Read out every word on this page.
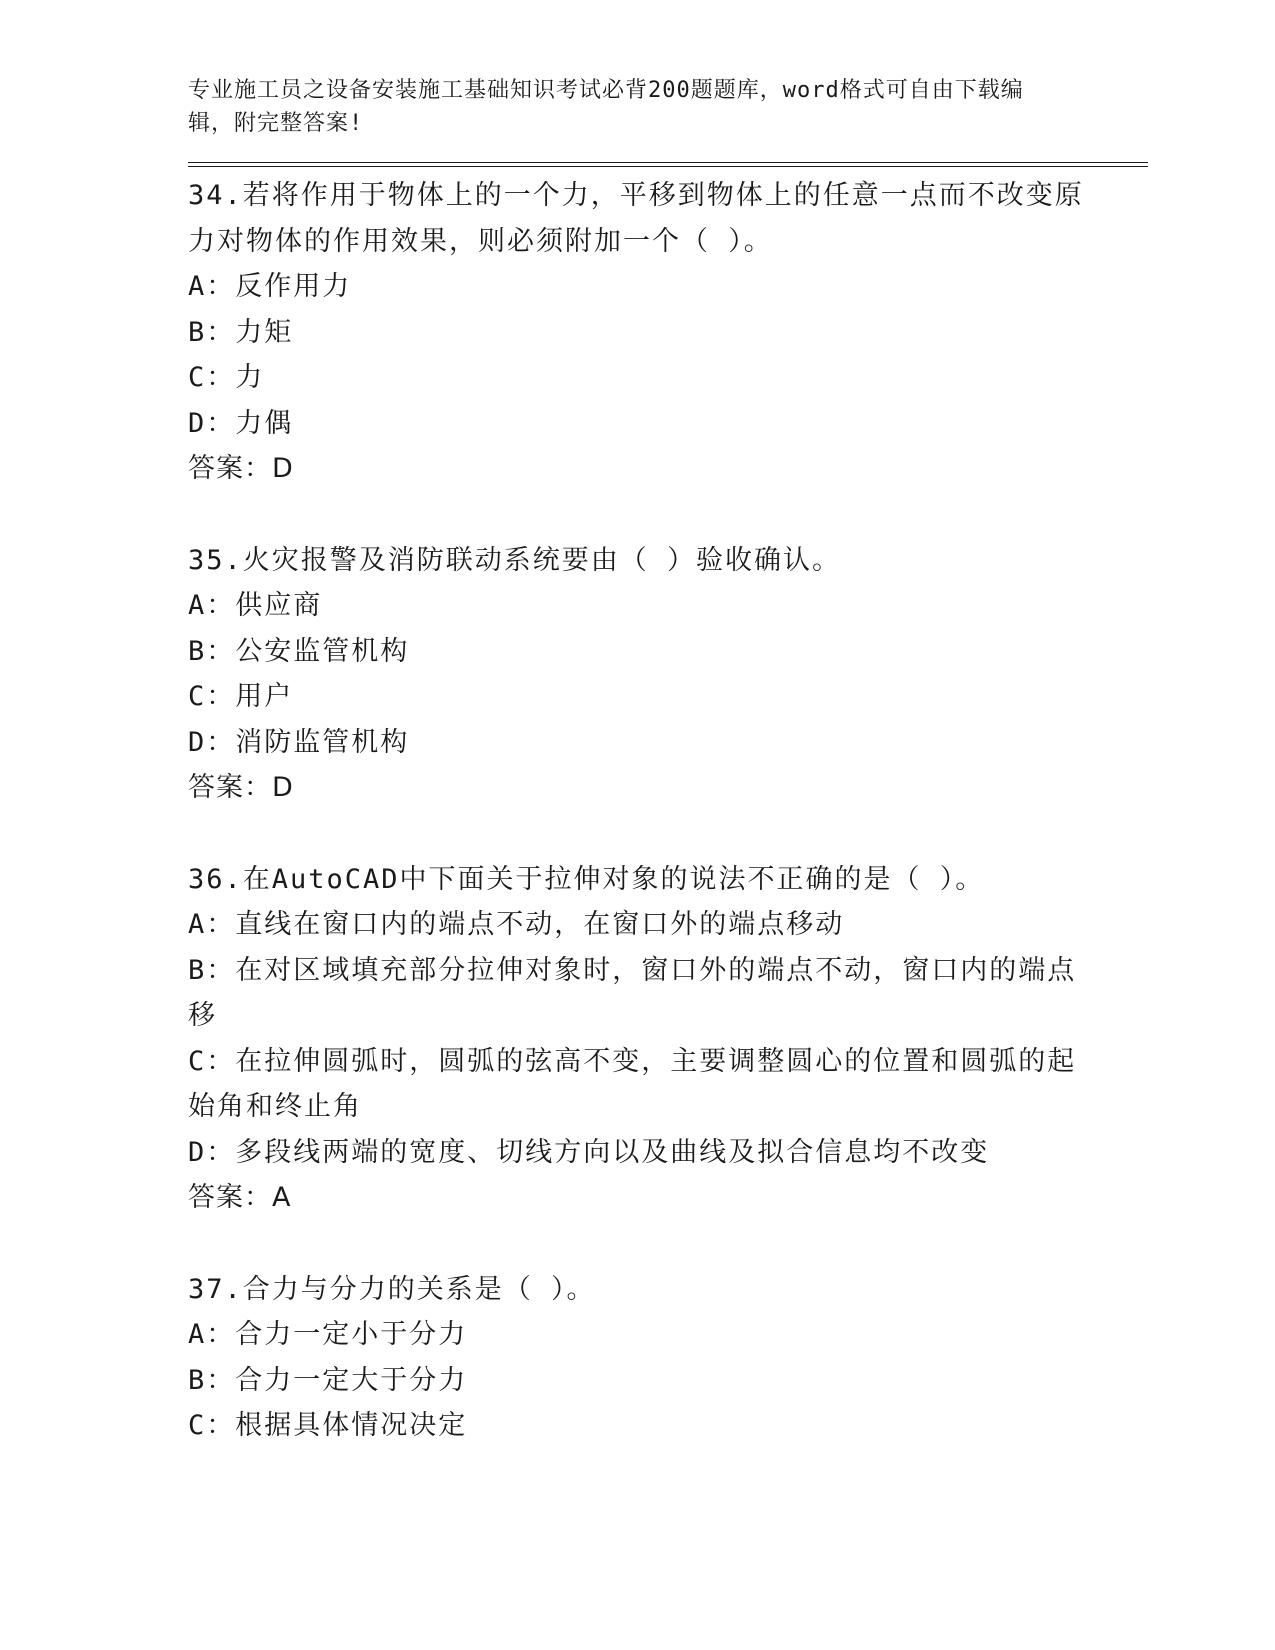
专业施工员之设备安装施工基础知识考试必背200题题库，word格式可自由下载编辑，附完整答案!
34.若将作用于物体上的一个力，平移到物体上的任意一点而不改变原力对物体的作用效果，则必须附加一个（ ）。
A：反作用力
B：力矩
C：力
D：力偶
答案：D
35.火灾报警及消防联动系统要由（ ）验收确认。
A：供应商
B：公安监管机构
C：用户
D：消防监管机构
答案：D
36.在AutoCAD中下面关于拉伸对象的说法不正确的是（ ）。
A：直线在窗口内的端点不动，在窗口外的端点移动
B：在对区域填充部分拉伸对象时，窗口外的端点不动，窗口内的端点移
C：在拉伸圆弧时，圆弧的弦高不变，主要调整圆心的位置和圆弧的起始角和终止角
D：多段线两端的宽度、切线方向以及曲线及拟合信息均不改变
答案：A
37.合力与分力的关系是（ ）。
A：合力一定小于分力
B：合力一定大于分力
C：根据具体情况决定
